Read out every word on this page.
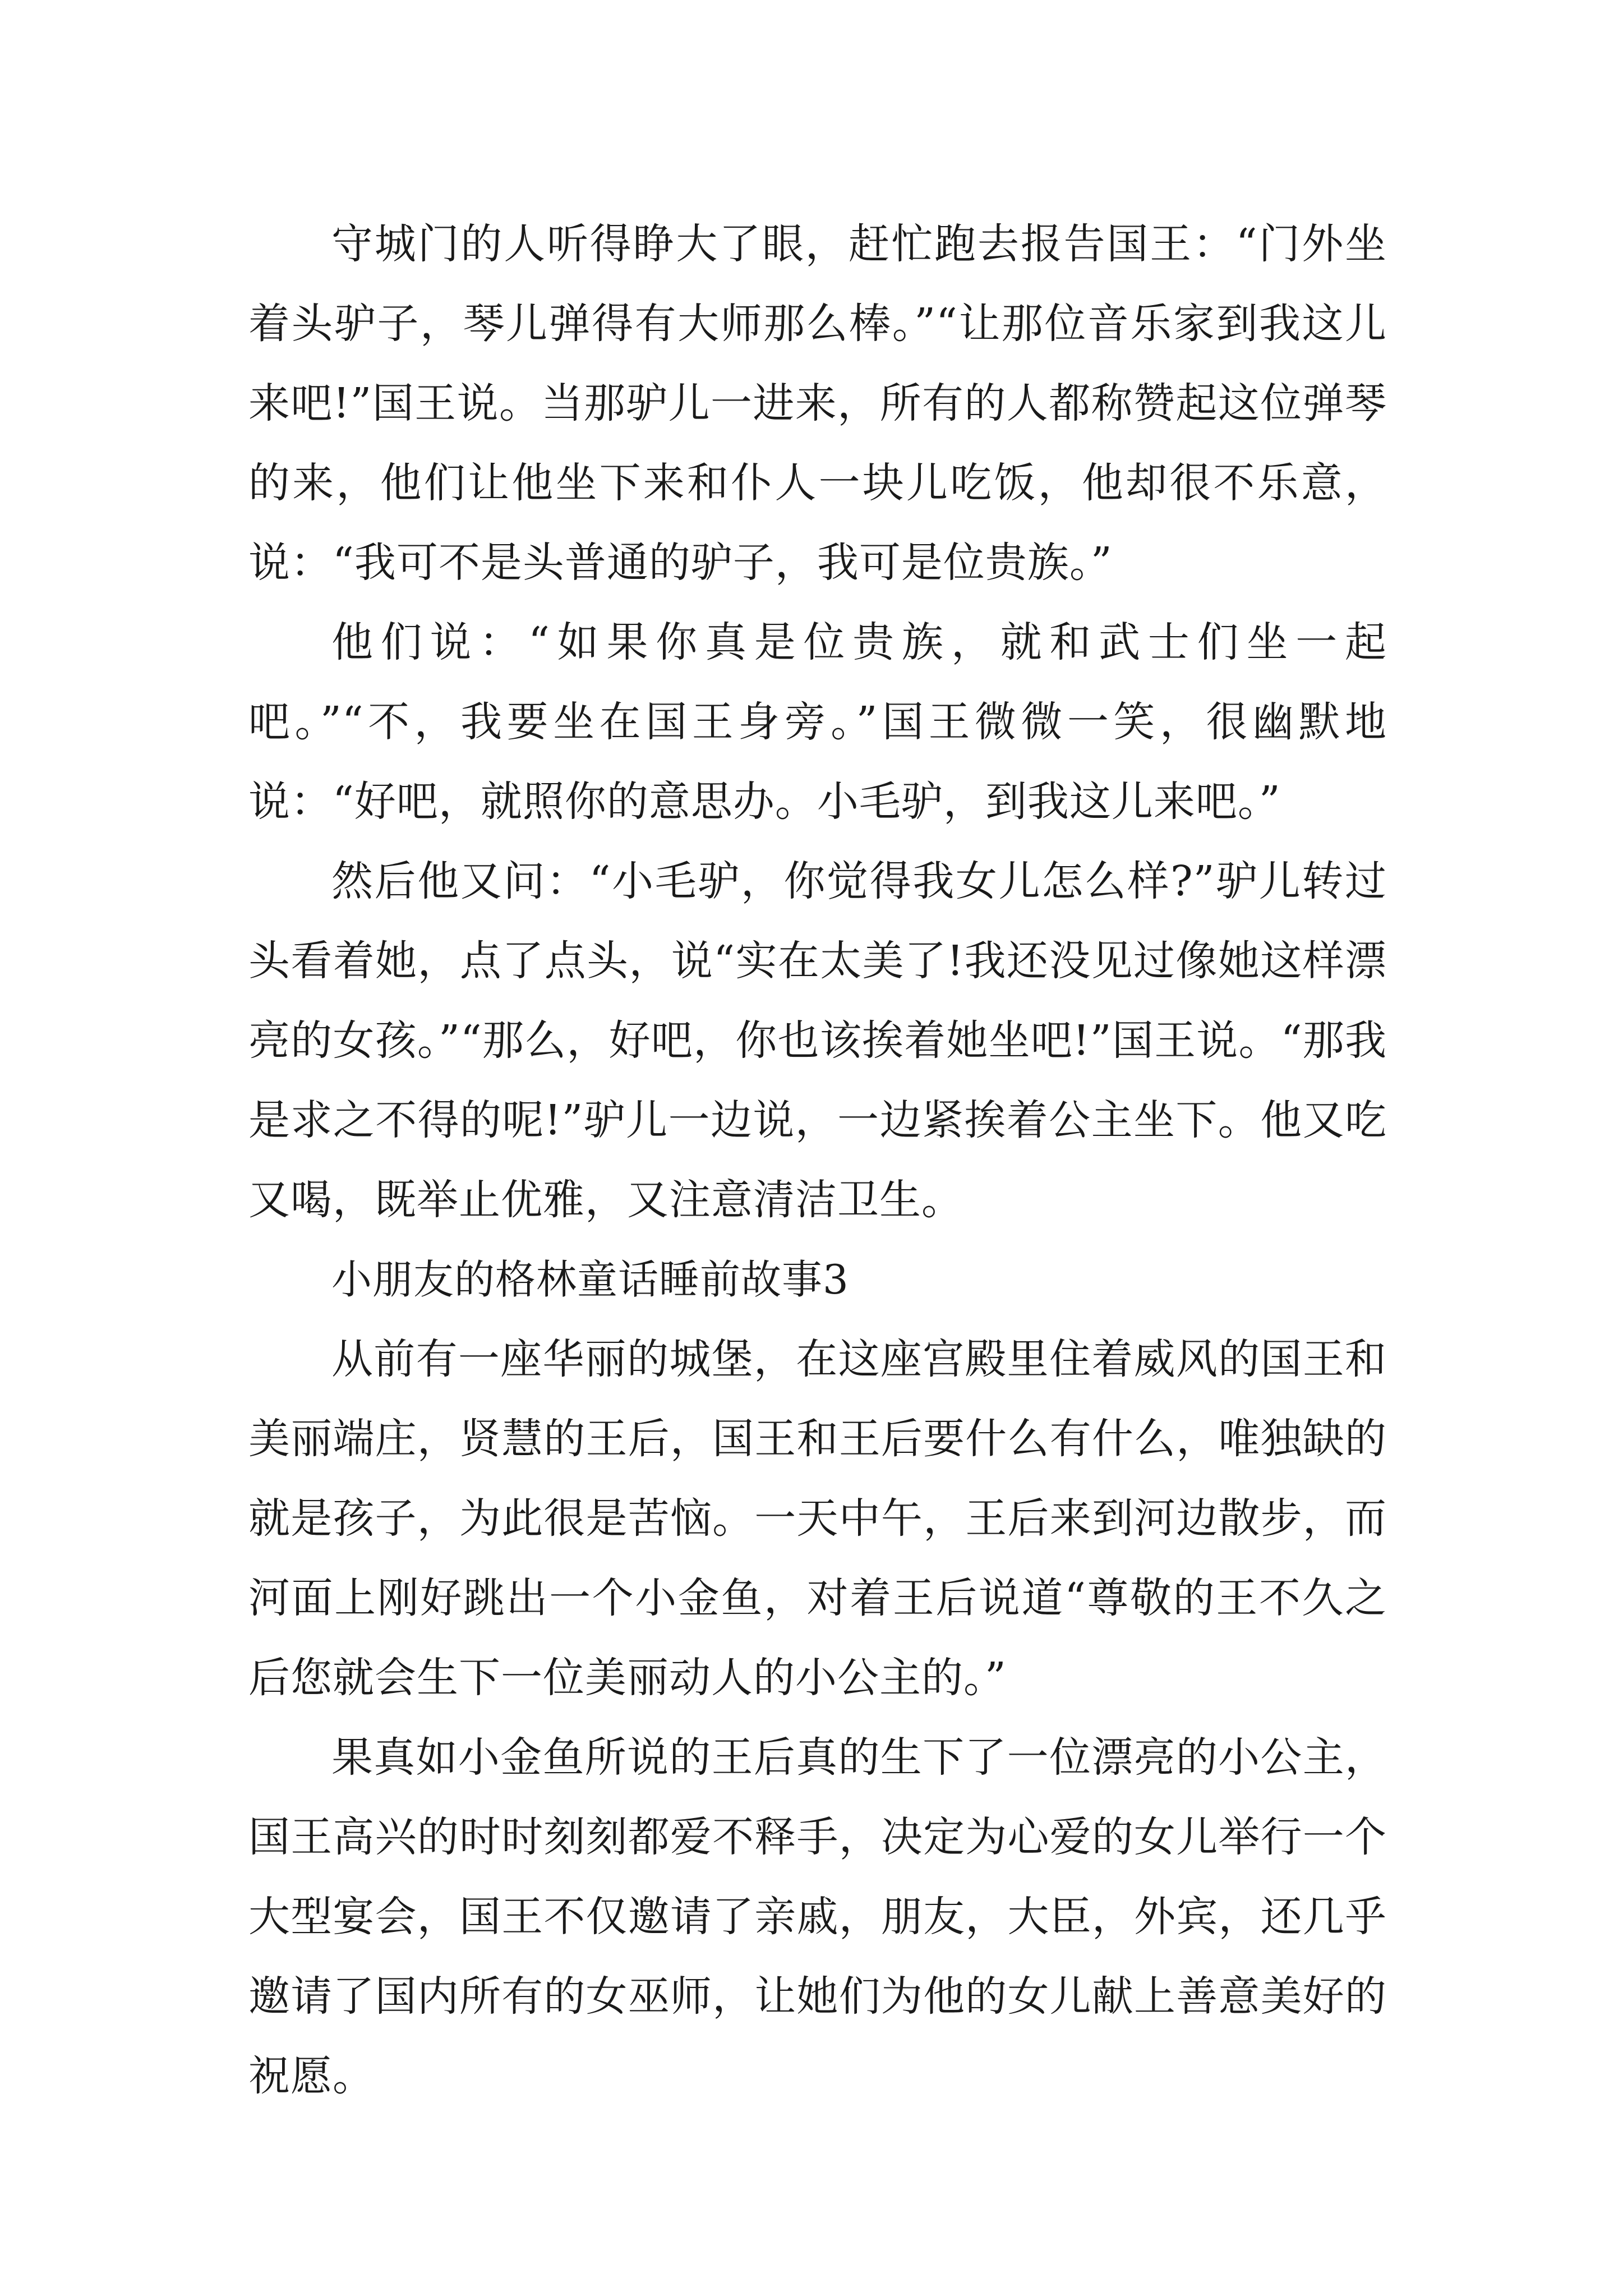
守城门的人听得睁大了眼，赶忙跑去报告国王：“门外坐着头驴子，琴儿弹得有大师那么棒。”“让那位音乐家到我这儿来吧!”国王说。当那驴儿一进来，所有的人都称赞起这位弹琴的来，他们让他坐下来和仆人一块儿吃饭，他却很不乐意，说：“我可不是头普通的驴子，我可是位贵族。”

他们说：“如果你真是位贵族，就和武士们坐一起吧。”“不，我要坐在国王身旁。”国王微微一笑，很幽默地说：“好吧，就照你的意思办。小毛驴，到我这儿来吧。”

然后他又问：“小毛驴，你觉得我女儿怎么样?”驴儿转过头看着她，点了点头，说“实在太美了!我还没见过像她这样漂亮的女孩。”“那么，好吧，你也该挨着她坐吧!”国王说。“那我是求之不得的呢!”驴儿一边说，一边紧挨着公主坐下。他又吃又喝，既举止优雅，又注意清洁卫生。

小朋友的格林童话睡前故事3

从前有一座华丽的城堡，在这座宫殿里住着威风的国王和美丽端庄，贤慧的王后，国王和王后要什么有什么，唯独缺的就是孩子，为此很是苦恼。一天中午，王后来到河边散步，而河面上刚好跳出一个小金鱼，对着王后说道“尊敬的王不久之后您就会生下一位美丽动人的小公主的。”

果真如小金鱼所说的王后真的生下了一位漂亮的小公主，国王高兴的时时刻刻都爱不释手，决定为心爱的女儿举行一个大型宴会，国王不仅邀请了亲戚，朋友，大臣，外宾，还几乎邀请了国内所有的女巫师，让她们为他的女儿献上善意美好的祝愿。
